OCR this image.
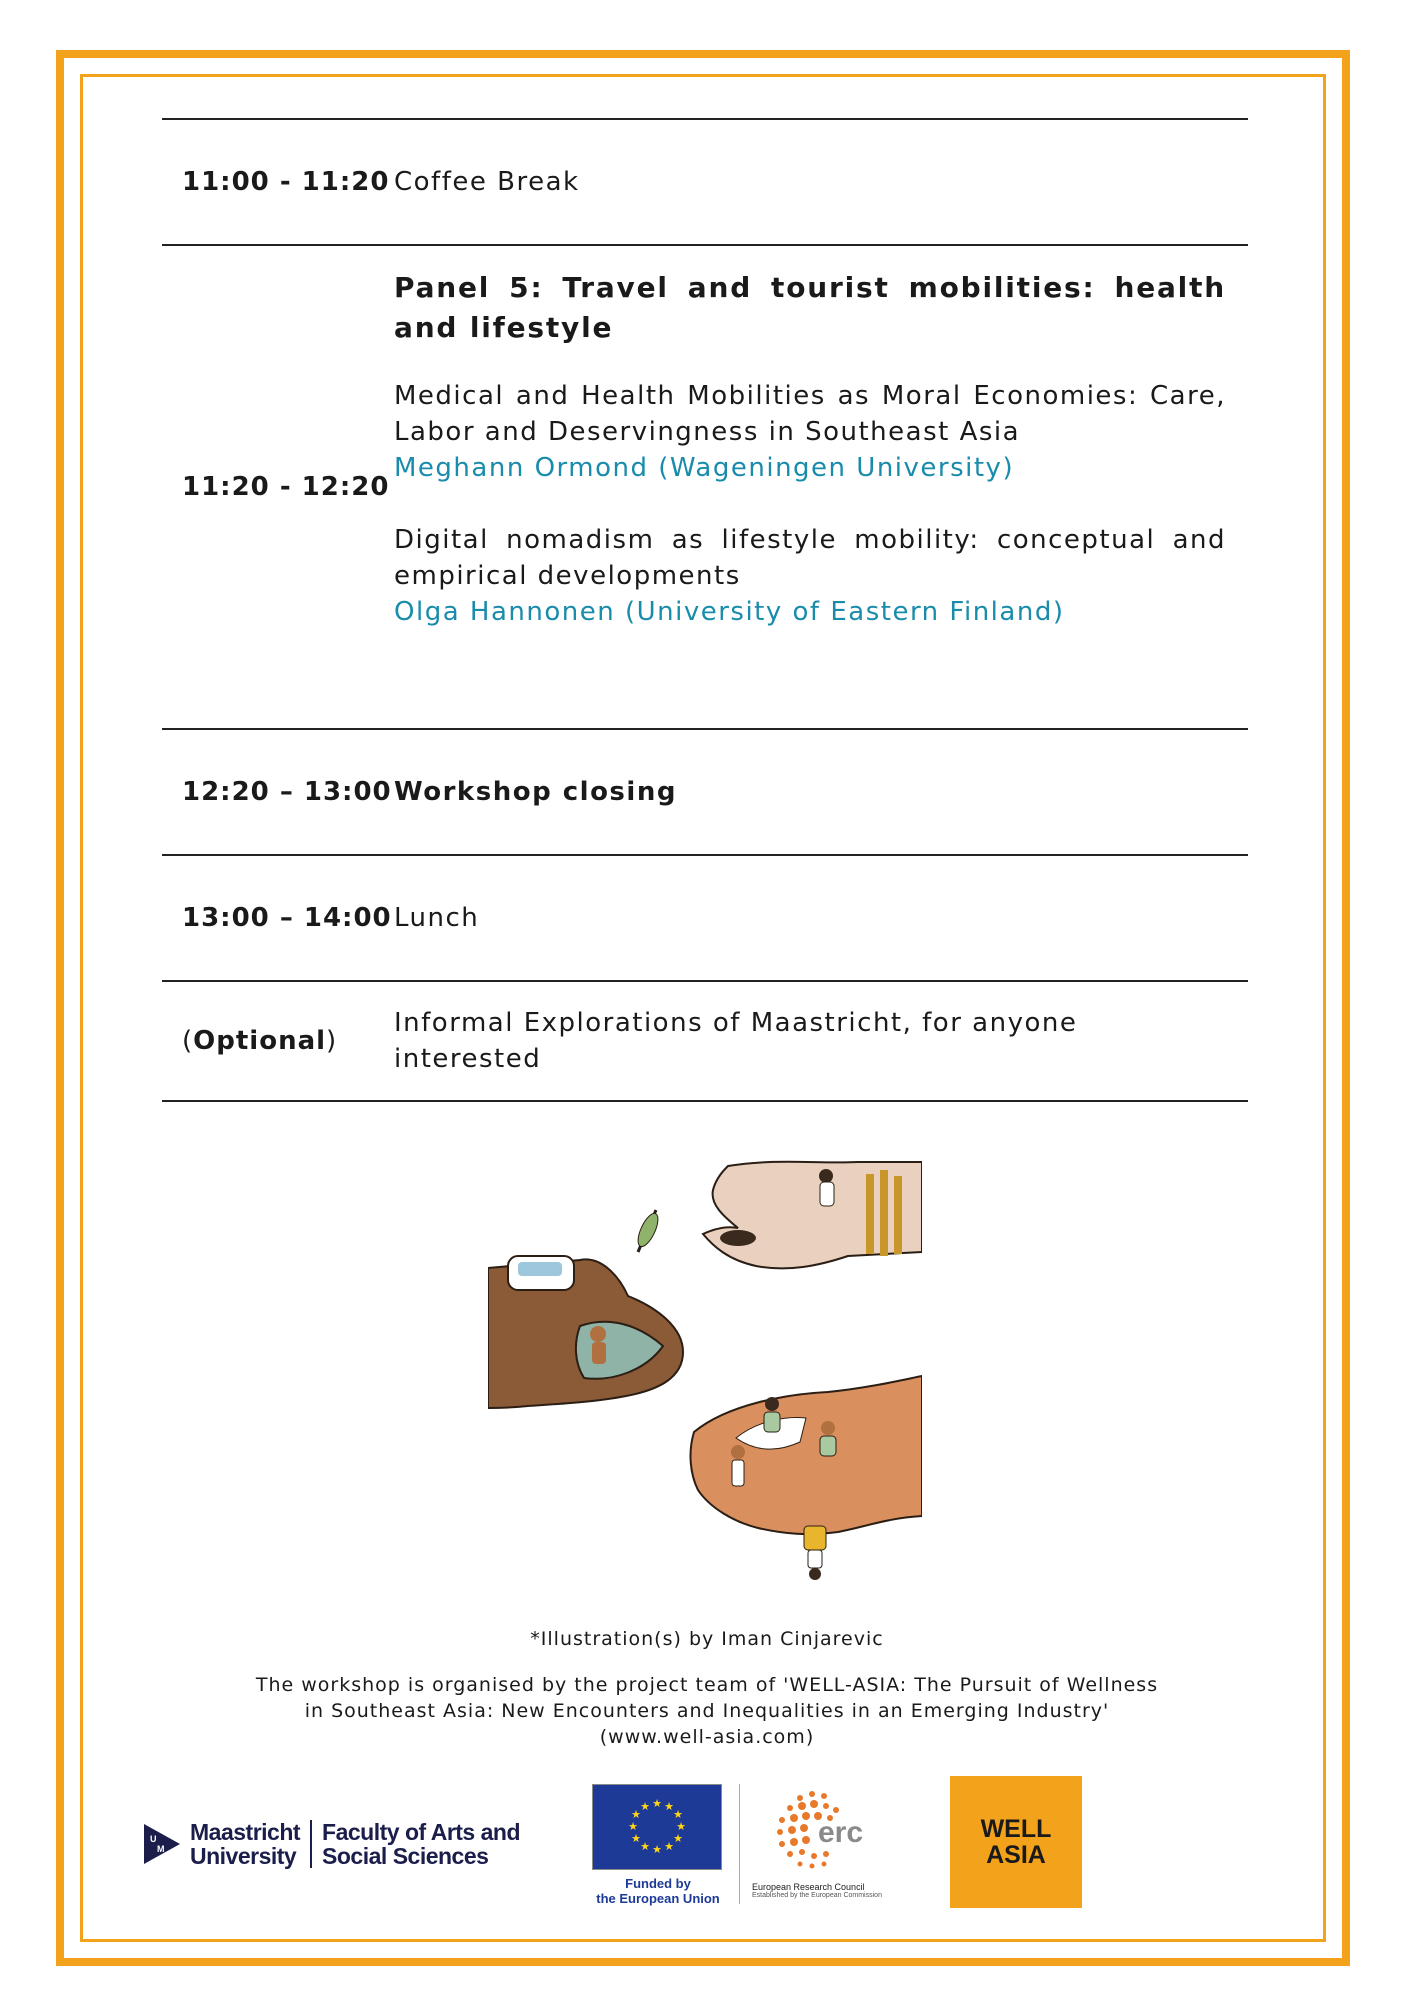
11:00 - 11:20 Coffee Break
11:20 - 12:20
Panel 5: Travel and tourist mobilities: health and lifestyle
Medical and Health Mobilities as Moral Economies: Care, Labor and Deservingness in Southeast Asia
Meghann Ormond (Wageningen University)
Digital nomadism as lifestyle mobility: conceptual and empirical developments
Olga Hannonen (University of Eastern Finland)
12:20 – 13:00 Workshop closing
13:00 – 14:00 Lunch
( Optional )
Informal Explorations of Maastricht, for anyone interested
*Illustration(s) by Iman Cinjarevic
The workshop is organised by the project team of 'WELL-ASIA: The Pursuit of Wellness in Southeast Asia: New Encounters and Inequalities in an Emerging Industry' (www.well-asia.com)
U
M
Maastricht
University
Faculty of Arts and
Social Sciences
★ ★
★
★
★
★
★
★
★
★
★
★
Funded by
the European Union
erc
European Research Council
Established by the European Commission
WELL
ASIA
